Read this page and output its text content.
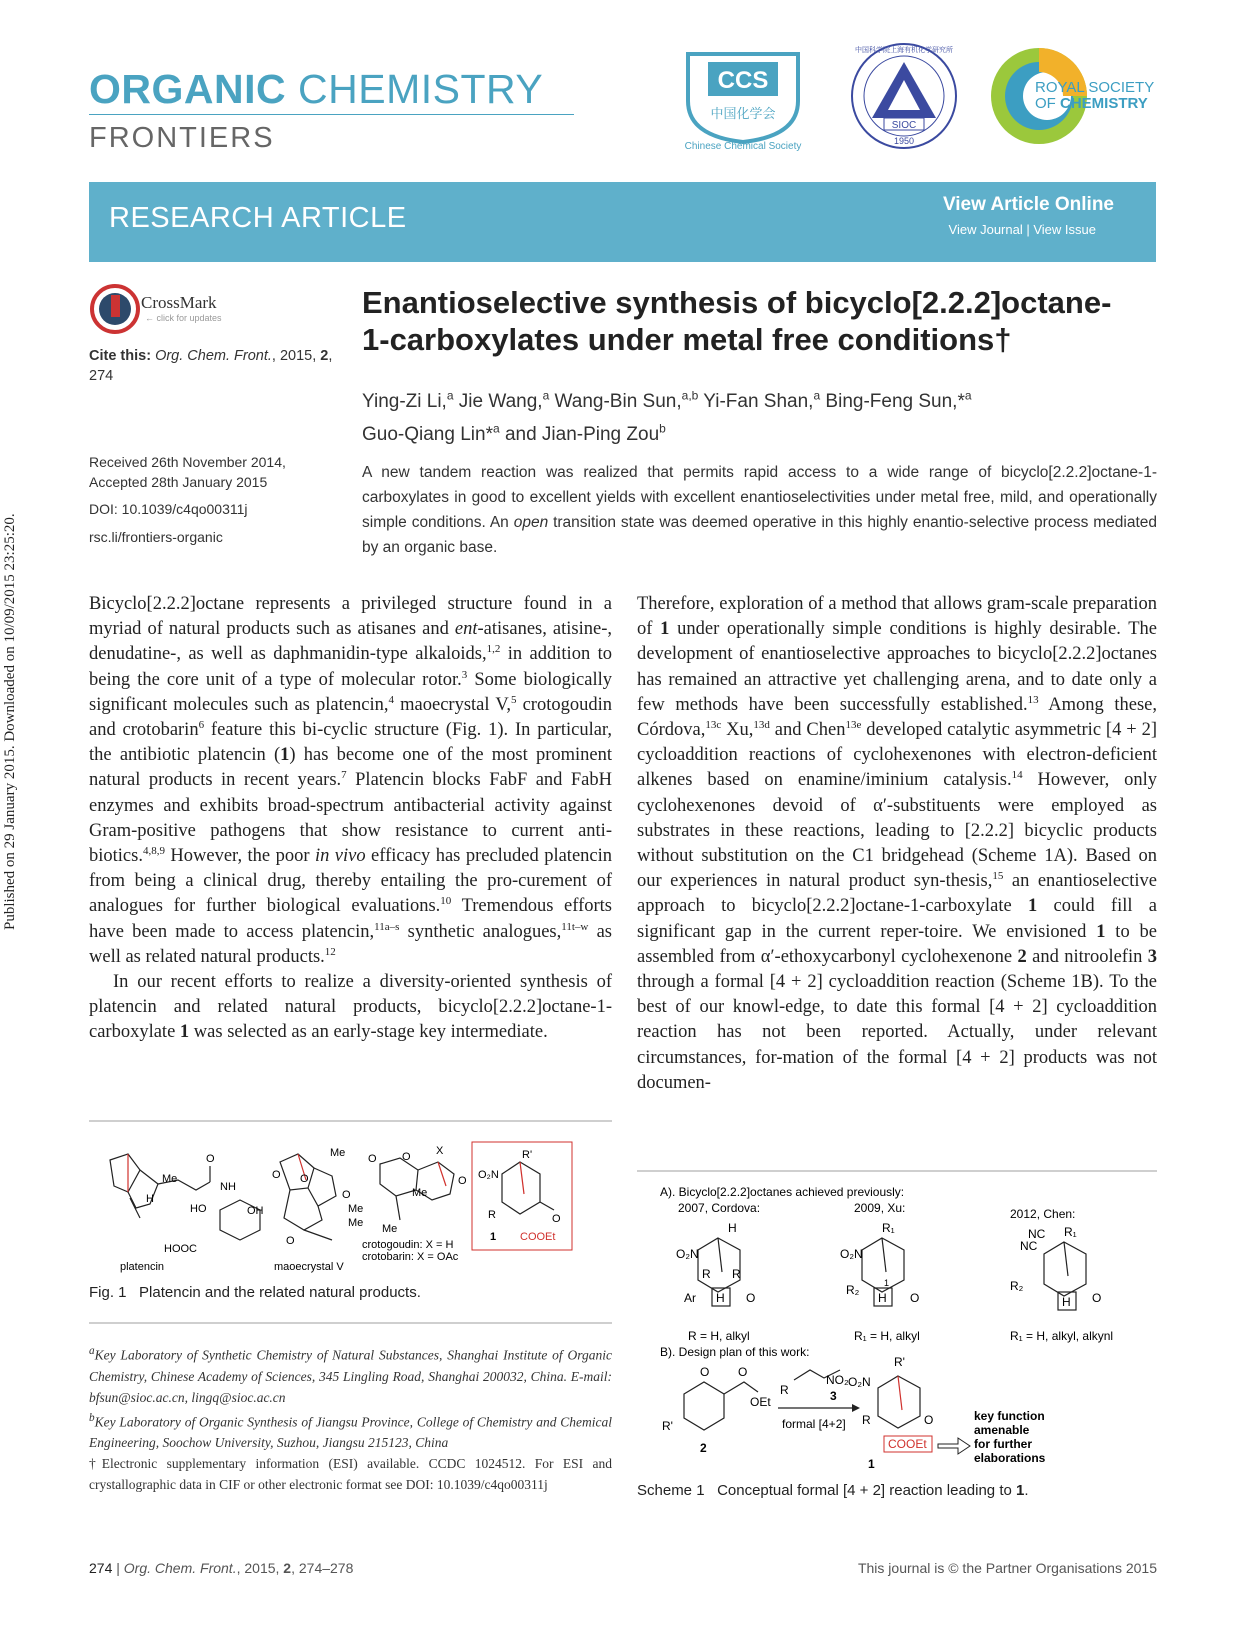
ORGANIC CHEMISTRY
FRONTIERS
CCS
中国化学会
Chinese Chemical Society
SIOC
1950
中国科学院上海有机化学研究所
ROYAL SOCIETY
OF CHEMISTRY
RESEARCH ARTICLE	View Article Online
View Journal | View Issue
CrossMark
← click for updates
Cite this: Org. Chem. Front., 2015, 2, 274
Received 26th November 2014,
Accepted 28th January 2015
DOI: 10.1039/c4qo00311j
rsc.li/frontiers-organic
Enantioselective synthesis of bicyclo[2.2.2]octane-
1-carboxylates under metal free conditions†
Ying-Zi Li,$^a$ Jie Wang,$^a$ Wang-Bin Sun,$^{a,b}$ Yi-Fan Shan,$^a$ Bing-Feng Sun,*$^a$
Guo-Qiang Lin*$^a$ and Jian-Ping Zou$^b$
A new tandem reaction was realized that permits rapid access to a wide range of bicyclo[2.2.2]octane-1-carboxylates in good to excellent yields with excellent enantioselectivities under metal free, mild, and operationally simple conditions. An open transition state was deemed operative in this highly enantio-selective process mediated by an organic base.

Bicyclo[2.2.2]octane represents a privileged structure found in a myriad of natural products such as atisanes and ent-atisanes, atisine-, denudatine-, as well as daphmanidin-type alkaloids,$^{1,2}$ in addition to being the core unit of a type of molecular rotor.$^3$ Some biologically significant molecules such as platencin,$^4$ maoecrystal V,$^5$ crotogoudin and crotobarin$^6$ feature this bi-cyclic structure (Fig. 1). In particular, the antibiotic platencin (1) has become one of the most prominent natural products in recent years.$^7$ Platencin blocks FabF and FabH enzymes and exhibits broad-spectrum antibacterial activity against Gram-positive pathogens that show resistance to current anti-biotics.$^{4,8,9}$ However, the poor in vivo efficacy has precluded platencin from being a clinical drug, thereby entailing the pro-curement of analogues for further biological evaluations.$^{10}$ Tremendous efforts have been made to access platencin,$^{11a-s}$ synthetic analogues,$^{11t-w}$ as well as related natural products.$^{12}$

In our recent efforts to realize a diversity-oriented synthesis of platencin and related natural products, bicyclo[2.2.2]octane-1-carboxylate 1 was selected as an early-stage key intermediate.

Therefore, exploration of a method that allows gram-scale preparation of 1 under operationally simple conditions is highly desirable. The development of enantioselective approaches to bicyclo[2.2.2]octanes has remained an attractive yet challenging arena, and to date only a few methods have been successfully established.$^{13}$ Among these, Córdova,$^{13c}$ Xu,$^{13d}$ and Chen$^{13e}$ developed catalytic asymmetric [4 + 2] cycloaddition reactions of cyclohexenones with electron-deficient alkenes based on enamine/iminium catalysis.$^{14}$ However, only cyclohexenones devoid of α′-substituents were employed as substrates in these reactions, leading to [2.2.2] bicyclic products without substitution on the C1 bridgehead (Scheme 1A). Based on our experiences in natural product syn-thesis,$^{15}$ an enantioselective approach to bicyclo[2.2.2]octane-1-carboxylate 1 could fill a significant gap in the current reper-toire. We envisioned 1 to be assembled from α′-ethoxycarbonyl cyclohexenone 2 and nitroolefin 3 through a formal [4 + 2] cycloaddition reaction (Scheme 1B). To the best of our knowl-edge, to date this formal [4 + 2] cycloaddition reaction has not been reported. Actually, under relevant circumstances, for-mation of the formal [4 + 2] products was not documen-

Me
O
NH
HO	OH
H
HOOC
platencin
Me
O O
O
Me
Me
O
maoecrystal V
O O X
O
Me
Me
crotogoudin: X = H
crotobarin: X = OAc
R'
O₂N
R	O
1 COOEt
Fig. 1 Platencin and the related natural products.
$^a$Key Laboratory of Synthetic Chemistry of Natural Substances, Shanghai Institute of Organic Chemistry, Chinese Academy of Sciences, 345 Lingling Road, Shanghai 200032, China. E-mail: bfsun@sioc.ac.cn, lingq@sioc.ac.cn
$^b$Key Laboratory of Organic Synthesis of Jiangsu Province, College of Chemistry and Chemical Engineering, Soochow University, Suzhou, Jiangsu 215123, China
†Electronic supplementary information (ESI) available. CCDC 1024512. For ESI and crystallographic data in CIF or other electronic format see DOI: 10.1039/c4qo00311j
A). Bicyclo[2.2.2]octanes achieved previously:
2007, Cordova:	2009, Xu:	2012, Chen:
H
O₂N
R R
Ar	O
H
R = H, alkyl
R₁
O₂N
R₂
O
H
1
R₁ = H, alkyl
R₁
NC
NC
R₂
O
H
R₁ = H, alkyl, alkynl
B). Design plan of this work:
O O
OEt
R'
2
R
NO₂
3
formal [4+2]
R'
O₂N
R	O
COOEt
1
key function
amenable
for further
elaborations
Scheme 1 Conceptual formal [4 + 2] reaction leading to 1.
274 | Org. Chem. Front., 2015, 2, 274–278	This journal is © the Partner Organisations 2015
Published on 29 January 2015. Downloaded on 10/09/2015 23:25:20.
